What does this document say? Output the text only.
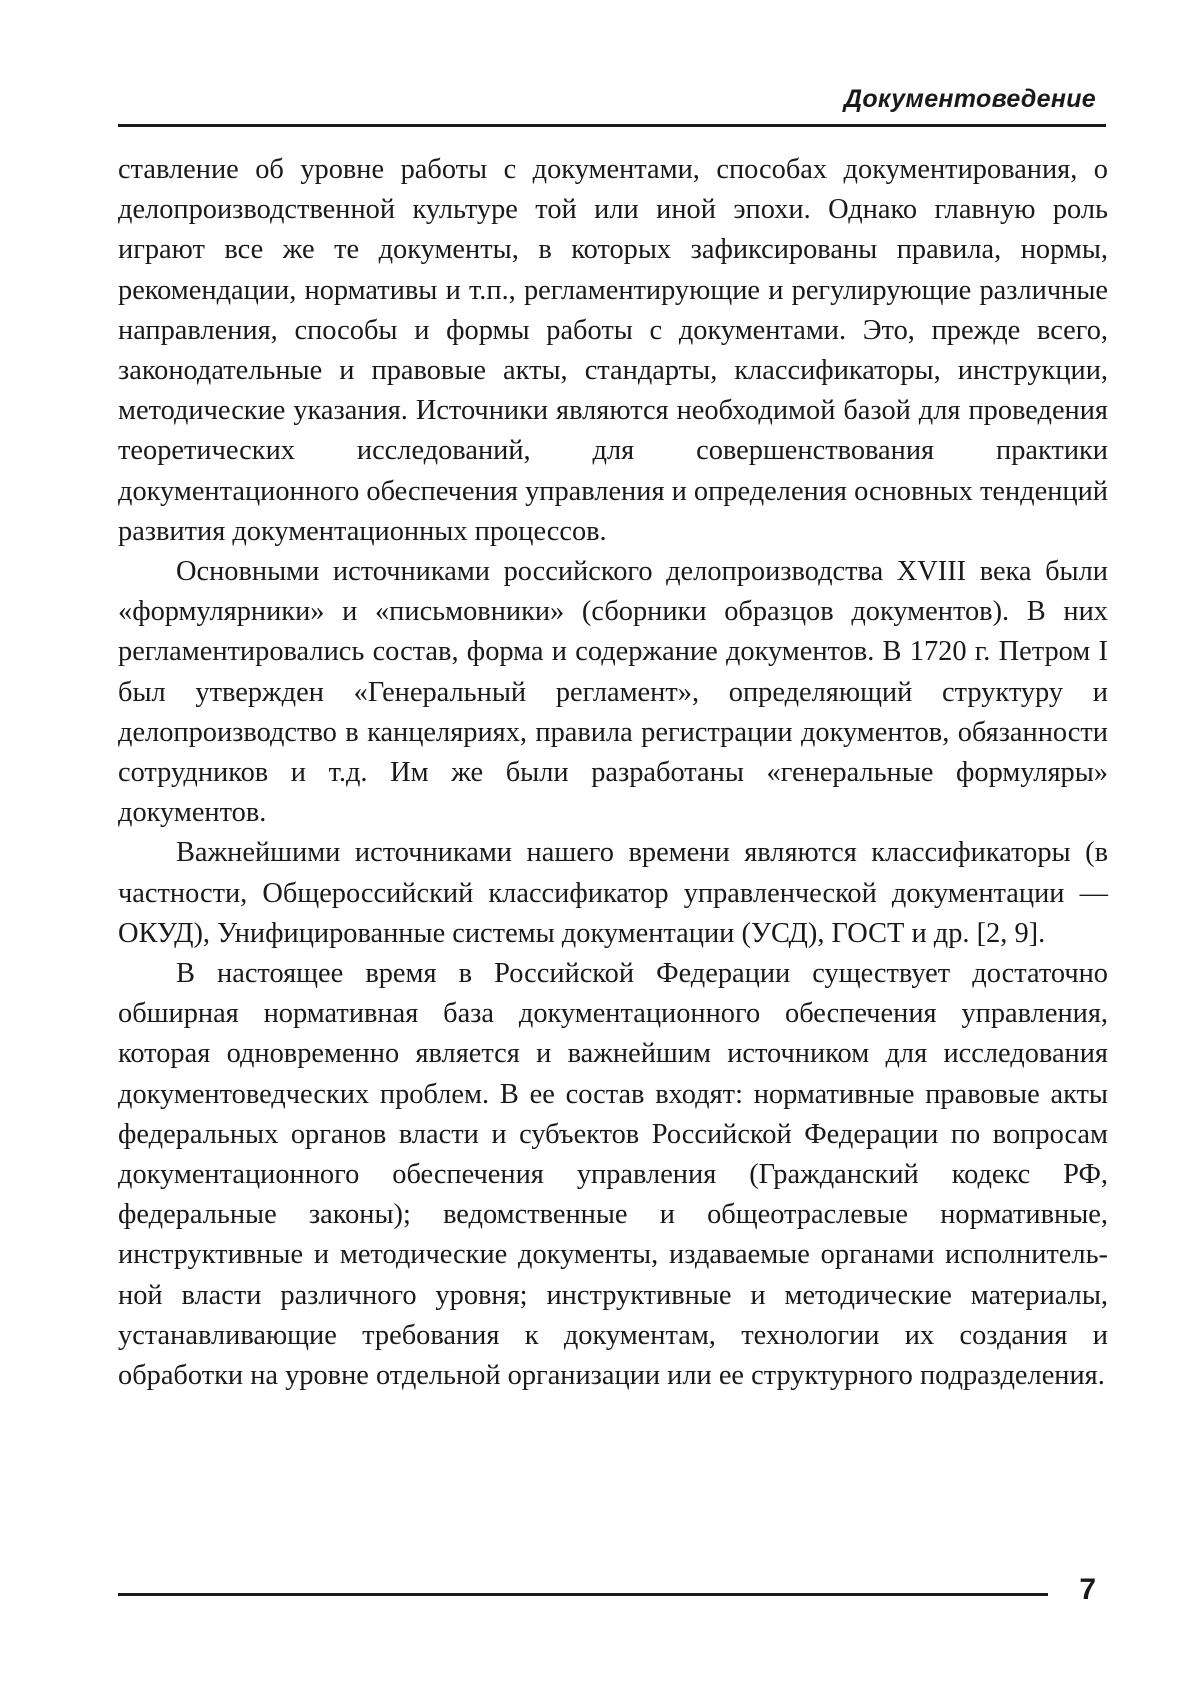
Документоведение

ставление об уровне работы с документами, способах документирования, о делопроизводственной культуре той или иной эпохи. Однако главную роль играют все же те документы, в которых зафиксированы правила, нормы, рекомендации, нормативы и т.п., регламентирующие и регулирующие различные направления, способы и формы работы с документами. Это, прежде всего, законодательные и правовые акты, стандарты, классификаторы, инструкции, методические указания. Источники являются необходимой базой для проведения теоретических исследований, для совершенствования практики документационного обеспечения управления и определения основных тенденций развития документационных процессов.

Основными источниками российского делопроизводства XVIII века были «формулярники» и «письмовники» (сборники образцов документов). В них регламентировались состав, форма и содержание документов. В 1720 г. Петром I был утвержден «Генеральный регламент», определяющий структуру и делопроизводство в канцеляриях, правила регистрации документов, обязанности сотрудников и т.д. Им же были разработаны «генеральные формуляры» документов.

Важнейшими источниками нашего времени являются классификаторы (в частности, Общероссийский классификатор управленческой документации — ОКУД), Унифицированные системы документации (УСД), ГОСТ и др. [2, 9].

В настоящее время в Российской Федерации существует достаточно обширная нормативная база документационного обеспечения управления, которая одновременно является и важнейшим источником для исследования документоведческих проблем. В ее состав входят: нормативные правовые акты федеральных органов власти и субъектов Российской Федерации по вопросам документационного обеспечения управления (Гражданский кодекс РФ, федеральные законы); ведомственные и общеотраслевые нормативные, инструктивные и методические документы, издаваемые органами исполнительной власти различного уровня; инструктивные и методические материалы, устанавливающие требования к документам, технологии их создания и обработки на уровне отдельной организации или ее структурного подразделения.

7
